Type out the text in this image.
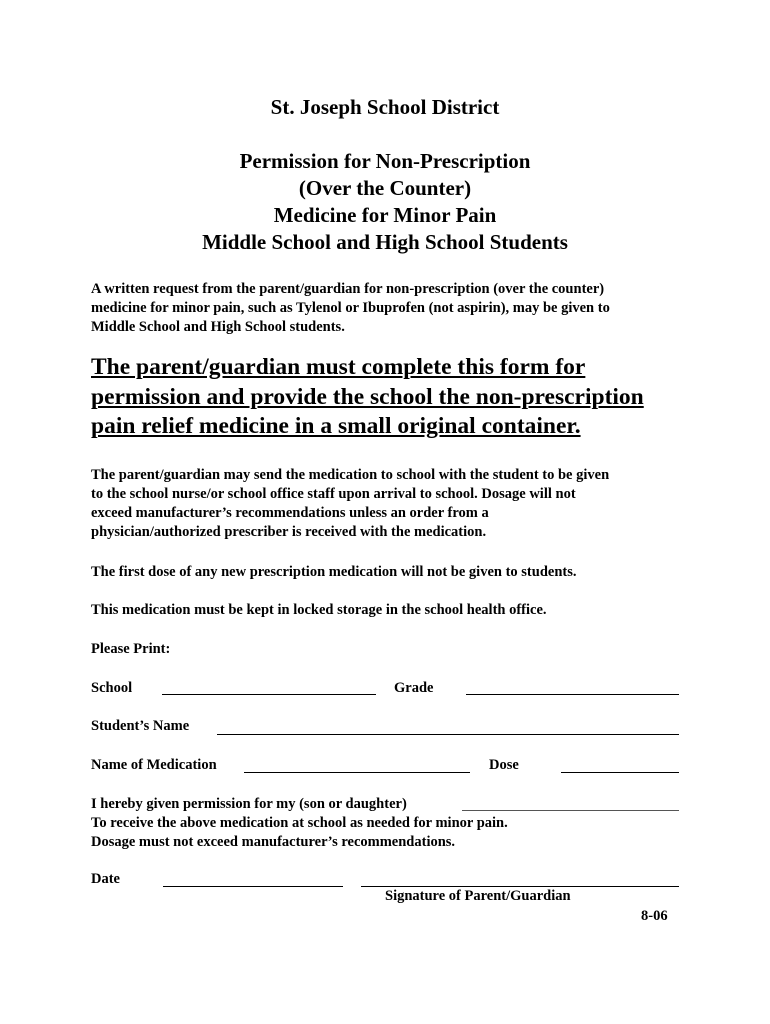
St. Joseph School District
Permission for Non-Prescription
(Over the Counter)
Medicine for Minor Pain
Middle School and High School Students
A written request from the parent/guardian for non-prescription (over the counter)
medicine for minor pain, such as Tylenol or Ibuprofen (not aspirin), may be given to
Middle School and High School students.
The parent/guardian must complete this form for
permission and provide the school the non-prescription
pain relief medicine in a small original container.
The parent/guardian may send the medication to school with the student to be given
to the school nurse/or school office staff upon arrival to school. Dosage will not
exceed manufacturer’s recommendations unless an order from a
physician/authorized prescriber is received with the medication.
The first dose of any new prescription medication will not be given to students.
This medication must be kept in locked storage in the school health office.
Please Print:
School	Grade
Student’s Name
Name of Medication	Dose
I hereby given permission for my (son or daughter)
To receive the above medication at school as needed for minor pain.
Dosage must not exceed manufacturer’s recommendations.
Date
Signature of Parent/Guardian
8-06
